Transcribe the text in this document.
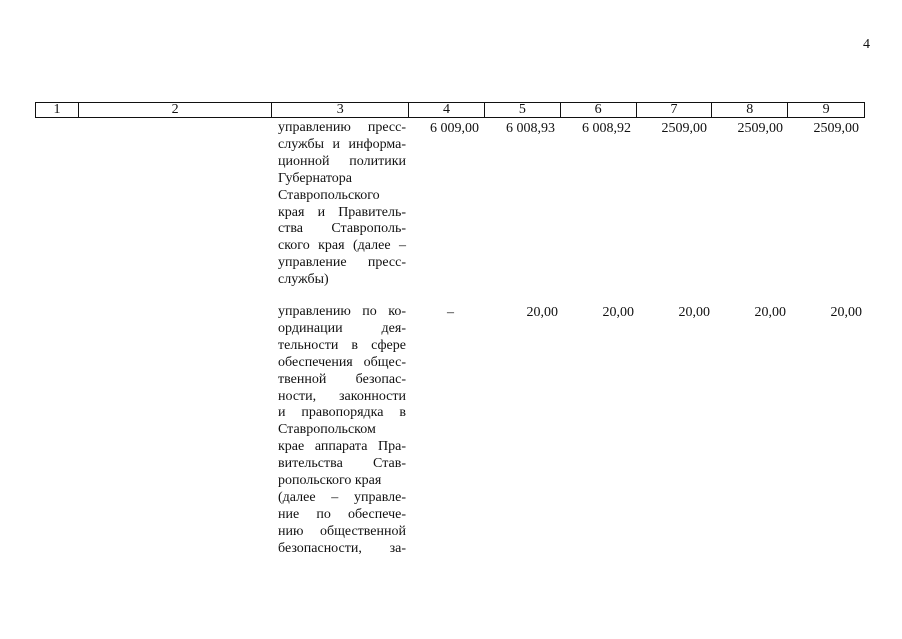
4
1	2	3	4	5	6	7	8	9
управлению пресс-
службы и информа-
ционной политики
Губернатора
Ставропольского
края и Правитель-
ства Ставрополь-
ского края (далее –
управление пресс-
службы)
6 009,00	6 008,93	6 008,92	2509,00	2509,00	2509,00
управлению по ко-
ординации дея-
тельности в сфере
обеспечения общес-
твенной безопас-
ности, законности
и правопорядка в
Ставропольском
крае аппарата Пра-
вительства Став-
ропольского края
(далее – управле-
ние по обеспече-
нию общественной
безопасности, за-
–	20,00	20,00	20,00	20,00	20,00
